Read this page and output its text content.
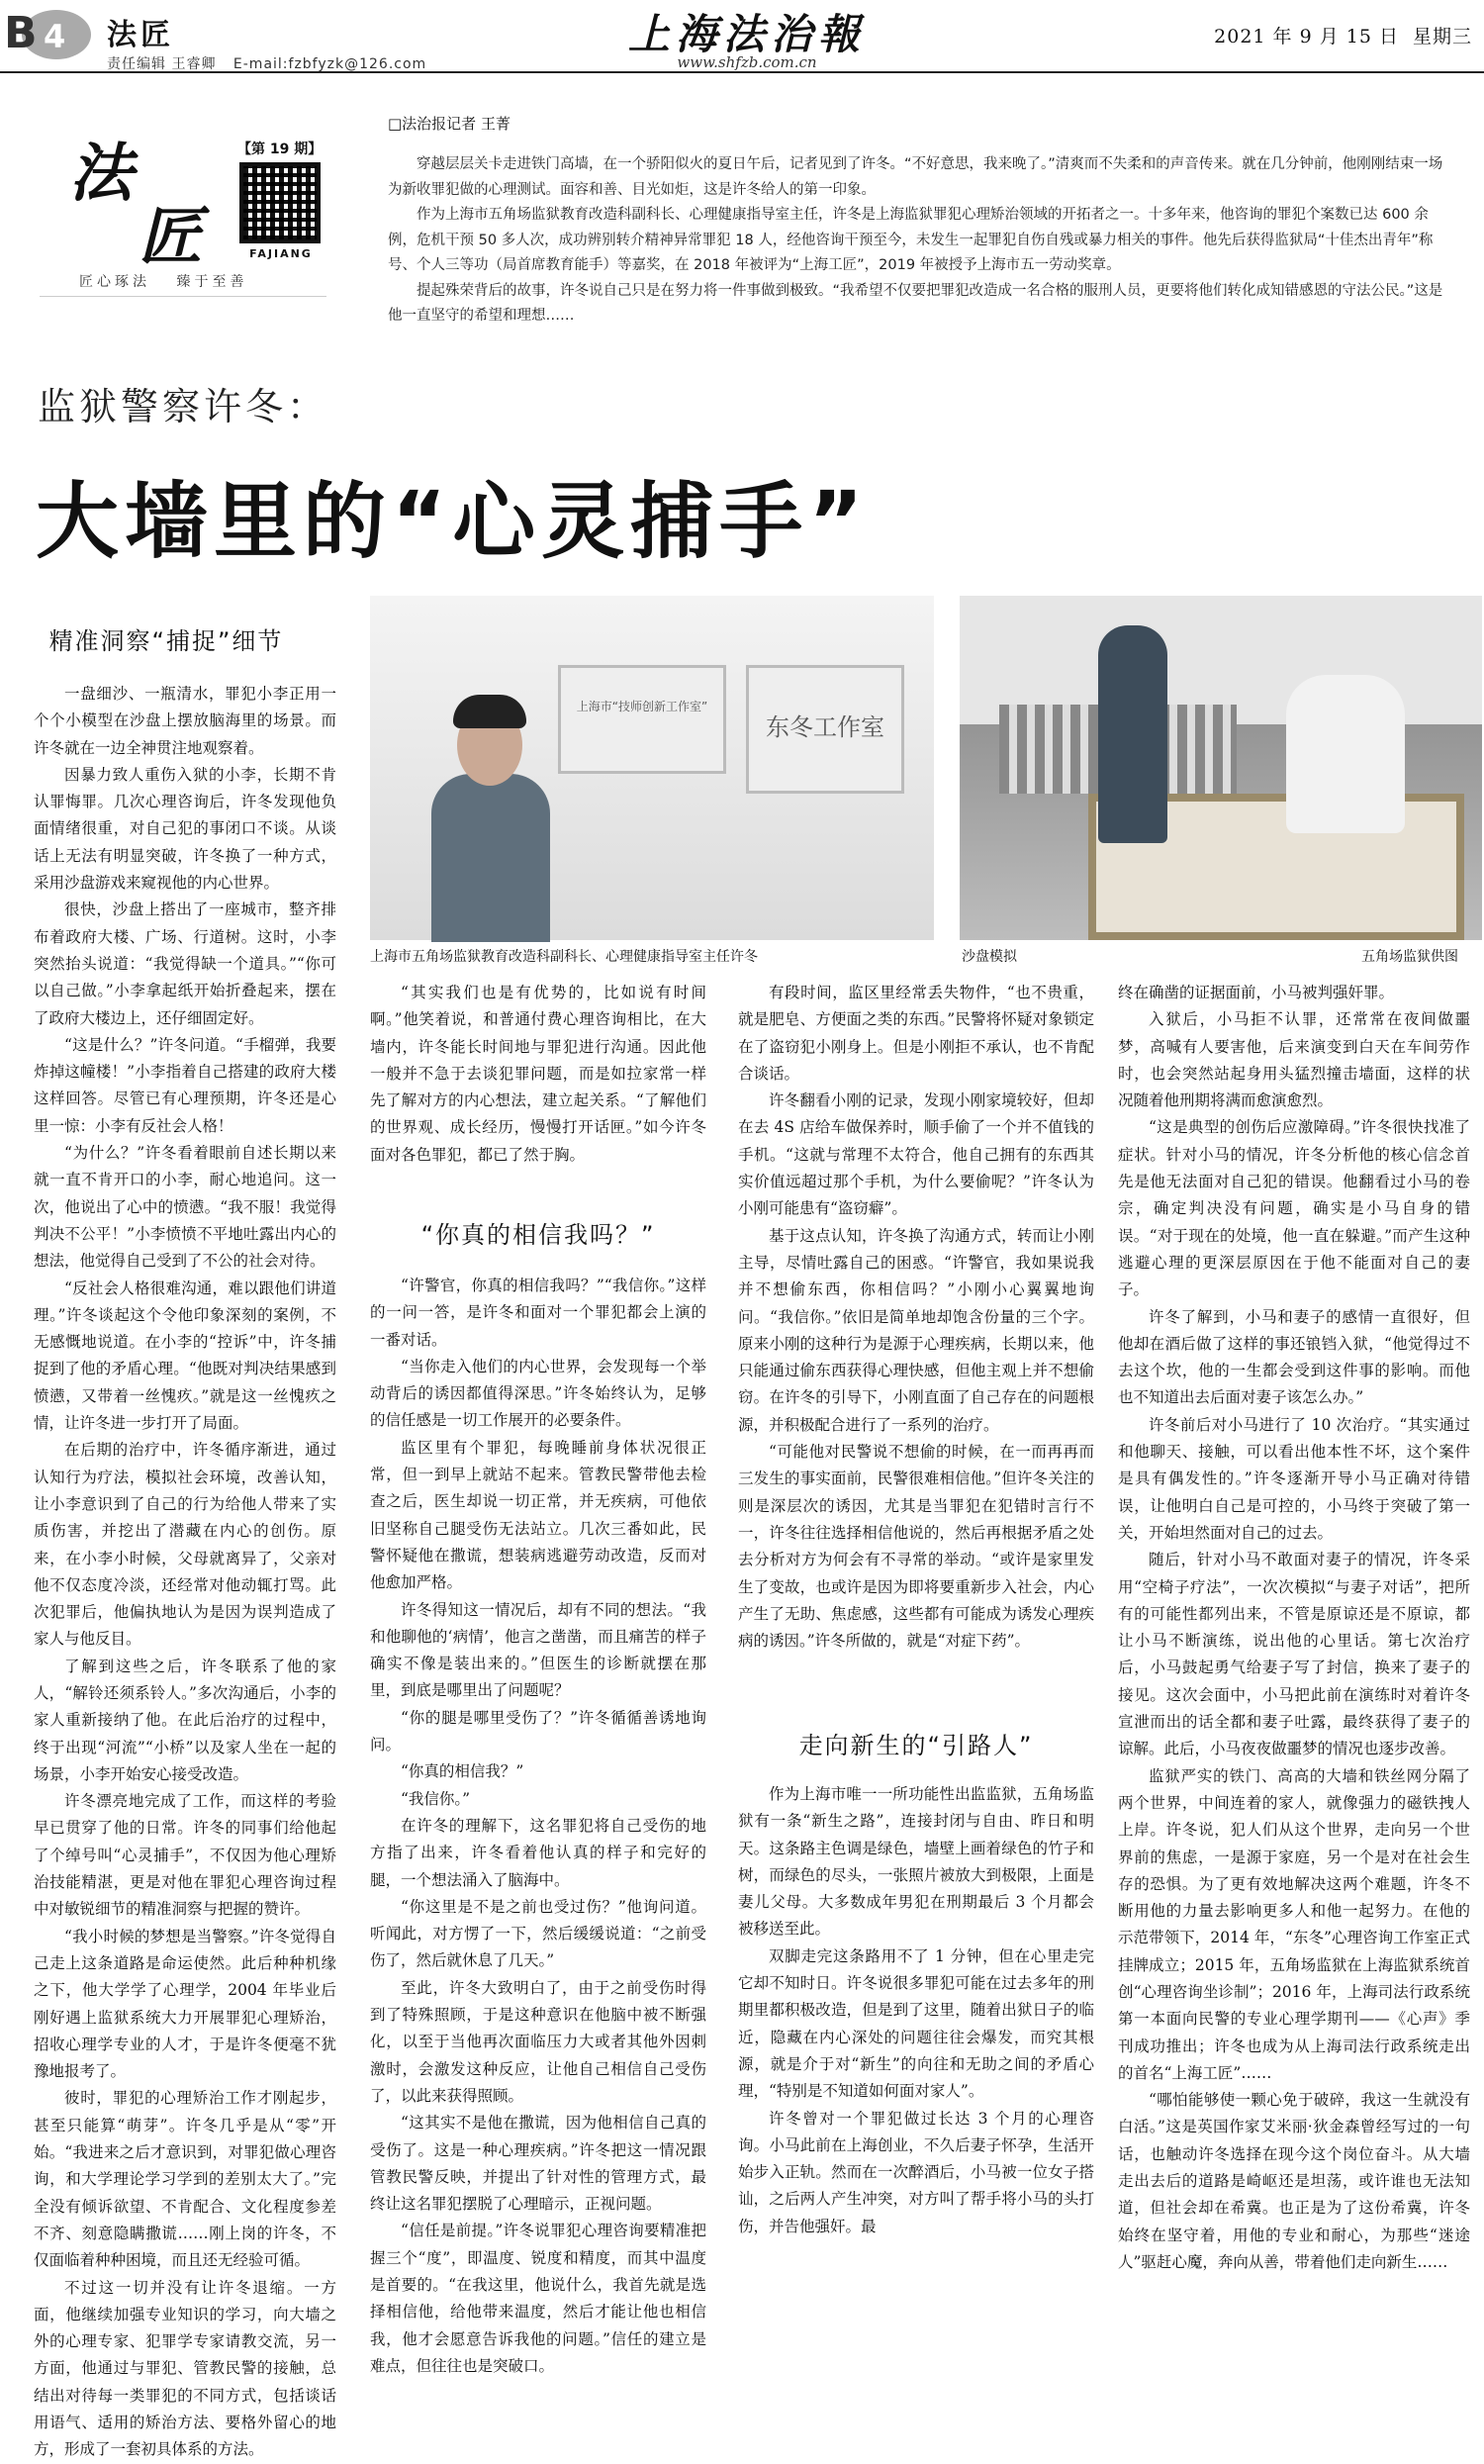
B 4 法匠
责任编辑 王睿卿 E-mail:fzbfyzk@126.com
上海法治報
www.shfzb.com.cn
2021 年 9 月 15 日 星期三
法
匠
【第 19 期】
FAJIANG
匠心琢法 臻于至善
□法治报记者 王菁

穿越层层关卡走进铁门高墙，在一个骄阳似火的夏日午后，记者见到了许冬。“不好意思，我来晚了。”清爽而不失柔和的声音传来。就在几分钟前，他刚刚结束一场为新收罪犯做的心理测试。面容和善、目光如炬，这是许冬给人的第一印象。

作为上海市五角场监狱教育改造科副科长、心理健康指导室主任，许冬是上海监狱罪犯心理矫治领域的开拓者之一。十多年来，他咨询的罪犯个案数已达 600 余例，危机干预 50 多人次，成功辨别转介精神异常罪犯 18 人，经他咨询干预至今，未发生一起罪犯自伤自残或暴力相关的事件。他先后获得监狱局“十佳杰出青年”称号、个人三等功（局首席教育能手）等嘉奖，在 2018 年被评为“上海工匠”，2019 年被授予上海市五一劳动奖章。

提起殊荣背后的故事，许冬说自己只是在努力将一件事做到极致。“我希望不仅要把罪犯改造成一名合格的服刑人员，更要将他们转化成知错感恩的守法公民。”这是他一直坚守的希望和理想……

监狱警察许冬：
大墙里的“心灵捕手”
上海市“技师创新工作室”
东冬工作室
上海市五角场监狱教育改造科副科长、心理健康指导室主任许冬	沙盘模拟	五角场监狱供图
精准洞察“捕捉”细节

一盘细沙、一瓶清水，罪犯小李正用一个个小模型在沙盘上摆放脑海里的场景。而许冬就在一边全神贯注地观察着。

因暴力致人重伤入狱的小李，长期不肯认罪悔罪。几次心理咨询后，许冬发现他负面情绪很重，对自己犯的事闭口不谈。从谈话上无法有明显突破，许冬换了一种方式，采用沙盘游戏来窥视他的内心世界。

很快，沙盘上搭出了一座城市，整齐排布着政府大楼、广场、行道树。这时，小李突然抬头说道：“我觉得缺一个道具。”“你可以自己做。”小李拿起纸开始折叠起来，摆在了政府大楼边上，还仔细固定好。

“这是什么？”许冬问道。“手榴弹，我要炸掉这幢楼！”小李指着自己搭建的政府大楼这样回答。尽管已有心理预期，许冬还是心里一惊：小李有反社会人格！

“为什么？”许冬看着眼前自述长期以来就一直不肯开口的小李，耐心地追问。这一次，他说出了心中的愤懑。“我不服！我觉得判决不公平！”小李愤愤不平地吐露出内心的想法，他觉得自己受到了不公的社会对待。

“反社会人格很难沟通，难以跟他们讲道理。”许冬谈起这个令他印象深刻的案例，不无感慨地说道。在小李的“控诉”中，许冬捕捉到了他的矛盾心理。“他既对判决结果感到愤懑，又带着一丝愧疚。”就是这一丝愧疚之情，让许冬进一步打开了局面。

在后期的治疗中，许冬循序渐进，通过认知行为疗法，模拟社会环境，改善认知，让小李意识到了自己的行为给他人带来了实质伤害，并挖出了潜藏在内心的创伤。原来，在小李小时候，父母就离异了，父亲对他不仅态度冷淡，还经常对他动辄打骂。此次犯罪后，他偏执地认为是因为误判造成了家人与他反目。

了解到这些之后，许冬联系了他的家人，“解铃还须系铃人。”多次沟通后，小李的家人重新接纳了他。在此后治疗的过程中，终于出现“河流”“小桥”以及家人坐在一起的场景，小李开始安心接受改造。

许冬漂亮地完成了工作，而这样的考验早已贯穿了他的日常。许冬的同事们给他起了个绰号叫“心灵捕手”，不仅因为他心理矫治技能精湛，更是对他在罪犯心理咨询过程中对敏锐细节的精准洞察与把握的赞许。

“我小时候的梦想是当警察。”许冬觉得自己走上这条道路是命运使然。此后种种机缘之下，他大学学了心理学，2004 年毕业后刚好遇上监狱系统大力开展罪犯心理矫治，招收心理学专业的人才，于是许冬便毫不犹豫地报考了。

彼时，罪犯的心理矫治工作才刚起步，甚至只能算“萌芽”。许冬几乎是从“零”开始。“我进来之后才意识到，对罪犯做心理咨询，和大学理论学习学到的差别太大了。”完全没有倾诉欲望、不肯配合、文化程度参差不齐、刻意隐瞒撒谎……刚上岗的许冬，不仅面临着种种困境，而且还无经验可循。

不过这一切并没有让许冬退缩。一方面，他继续加强专业知识的学习，向大墙之外的心理专家、犯罪学专家请教交流，另一方面，他通过与罪犯、管教民警的接触，总结出对待每一类罪犯的不同方式，包括谈话用语气、适用的矫治方法、要格外留心的地方，形成了一套初具体系的方法。

“其实我们也是有优势的，比如说有时间啊。”他笑着说，和普通付费心理咨询相比，在大墙内，许冬能长时间地与罪犯进行沟通。因此他一般并不急于去谈犯罪问题，而是如拉家常一样先了解对方的内心想法，建立起关系。“了解他们的世界观、成长经历，慢慢打开话匣。”如今许冬面对各色罪犯，都已了然于胸。

“你真的相信我吗？”

“许警官，你真的相信我吗？”“我信你。”这样的一问一答，是许冬和面对一个罪犯都会上演的一番对话。

“当你走入他们的内心世界，会发现每一个举动背后的诱因都值得深思。”许冬始终认为，足够的信任感是一切工作展开的必要条件。

监区里有个罪犯，每晚睡前身体状况很正常，但一到早上就站不起来。管教民警带他去检查之后，医生却说一切正常，并无疾病，可他依旧坚称自己腿受伤无法站立。几次三番如此，民警怀疑他在撒谎，想装病逃避劳动改造，反而对他愈加严格。

许冬得知这一情况后，却有不同的想法。“我和他聊他的‘病情’，他言之凿凿，而且痛苦的样子确实不像是装出来的。”但医生的诊断就摆在那里，到底是哪里出了问题呢？

“你的腿是哪里受伤了？”许冬循循善诱地询问。

“你真的相信我？”

“我信你。”

在许冬的理解下，这名罪犯将自己受伤的地方指了出来，许冬看着他认真的样子和完好的腿，一个想法涌入了脑海中。

“你这里是不是之前也受过伤？”他询问道。听闻此，对方愣了一下，然后缓缓说道：“之前受伤了，然后就休息了几天。”

至此，许冬大致明白了，由于之前受伤时得到了特殊照顾，于是这种意识在他脑中被不断强化，以至于当他再次面临压力大或者其他外因刺激时，会激发这种反应，让他自己相信自己受伤了，以此来获得照顾。

“这其实不是他在撒谎，因为他相信自己真的受伤了。这是一种心理疾病。”许冬把这一情况跟管教民警反映，并提出了针对性的管理方式，最终让这名罪犯摆脱了心理暗示，正视问题。

“信任是前提。”许冬说罪犯心理咨询要精准把握三个“度”，即温度、锐度和精度，而其中温度是首要的。“在我这里，他说什么，我首先就是选择相信他，给他带来温度，然后才能让他也相信我，他才会愿意告诉我他的问题。”信任的建立是难点，但往往也是突破口。

有段时间，监区里经常丢失物件，“也不贵重，就是肥皂、方便面之类的东西。”民警将怀疑对象锁定在了盗窃犯小刚身上。但是小刚拒不承认，也不肯配合谈话。

许冬翻看小刚的记录，发现小刚家境较好，但却在去 4S 店给车做保养时，顺手偷了一个并不值钱的手机。“这就与常理不太符合，他自己拥有的东西其实价值远超过那个手机，为什么要偷呢？”许冬认为小刚可能患有“盗窃癖”。

基于这点认知，许冬换了沟通方式，转而让小刚主导，尽情吐露自己的困惑。“许警官，我如果说我并不想偷东西，你相信吗？”小刚小心翼翼地询问。“我信你。”依旧是简单地却饱含份量的三个字。原来小刚的这种行为是源于心理疾病，长期以来，他只能通过偷东西获得心理快感，但他主观上并不想偷窃。在许冬的引导下，小刚直面了自己存在的问题根源，并积极配合进行了一系列的治疗。

“可能他对民警说不想偷的时候，在一而再再而三发生的事实面前，民警很难相信他。”但许冬关注的则是深层次的诱因，尤其是当罪犯在犯错时言行不一，许冬往往选择相信他说的，然后再根据矛盾之处去分析对方为何会有不寻常的举动。“或许是家里发生了变故，也或许是因为即将要重新步入社会，内心产生了无助、焦虑感，这些都有可能成为诱发心理疾病的诱因。”许冬所做的，就是“对症下药”。

走向新生的“引路人”

作为上海市唯一一所功能性出监监狱，五角场监狱有一条“新生之路”，连接封闭与自由、昨日和明天。这条路主色调是绿色，墙壁上画着绿色的竹子和树，而绿色的尽头，一张照片被放大到极限，上面是妻儿父母。大多数成年男犯在刑期最后 3 个月都会被移送至此。

双脚走完这条路用不了 1 分钟，但在心里走完它却不知时日。许冬说很多罪犯可能在过去多年的刑期里都积极改造，但是到了这里，随着出狱日子的临近，隐藏在内心深处的问题往往会爆发，而究其根源，就是介于对“新生”的向往和无助之间的矛盾心理，“特别是不知道如何面对家人”。

许冬曾对一个罪犯做过长达 3 个月的心理咨询。小马此前在上海创业，不久后妻子怀孕，生活开始步入正轨。然而在一次醉酒后，小马被一位女子搭讪，之后两人产生冲突，对方叫了帮手将小马的头打伤，并告他强奸。最

终在确凿的证据面前，小马被判强奸罪。

入狱后，小马拒不认罪，还常常在夜间做噩梦，高喊有人要害他，后来演变到白天在车间劳作时，也会突然站起身用头猛烈撞击墙面，这样的状况随着他刑期将满而愈演愈烈。

“这是典型的创伤后应激障碍。”许冬很快找准了症状。针对小马的情况，许冬分析他的核心信念首先是他无法面对自己犯的错误。他翻看过小马的卷宗，确定判决没有问题，确实是小马自身的错误。“对于现在的处境，他一直在躲避。”而产生这种逃避心理的更深层原因在于他不能面对自己的妻子。

许冬了解到，小马和妻子的感情一直很好，但他却在酒后做了这样的事还锒铛入狱，“他觉得过不去这个坎，他的一生都会受到这件事的影响。而他也不知道出去后面对妻子该怎么办。”

许冬前后对小马进行了 10 次治疗。“其实通过和他聊天、接触，可以看出他本性不坏，这个案件是具有偶发性的。”许冬逐渐开导小马正确对待错误，让他明白自己是可控的，小马终于突破了第一关，开始坦然面对自己的过去。

随后，针对小马不敢面对妻子的情况，许冬采用“空椅子疗法”，一次次模拟“与妻子对话”，把所有的可能性都列出来，不管是原谅还是不原谅，都让小马不断演练，说出他的心里话。第七次治疗后，小马鼓起勇气给妻子写了封信，换来了妻子的接见。这次会面中，小马把此前在演练时对着许冬宣泄而出的话全都和妻子吐露，最终获得了妻子的谅解。此后，小马夜夜做噩梦的情况也逐步改善。

监狱严实的铁门、高高的大墙和铁丝网分隔了两个世界，中间连着的家人，就像强力的磁铁拽人上岸。许冬说，犯人们从这个世界，走向另一个世界前的焦虑，一是源于家庭，另一个是对在社会生存的恐惧。为了更有效地解决这两个难题，许冬不断用他的力量去影响更多人和他一起努力。在他的示范带领下，2014 年，“东冬”心理咨询工作室正式挂牌成立；2015 年，五角场监狱在上海监狱系统首创“心理咨询坐诊制”；2016 年，上海司法行政系统第一本面向民警的专业心理学期刊——《心声》季刊成功推出；许冬也成为从上海司法行政系统走出的首名“上海工匠”……

“哪怕能够使一颗心免于破碎，我这一生就没有白活。”这是英国作家艾米丽·狄金森曾经写过的一句话，也触动许冬选择在现今这个岗位奋斗。从大墙走出去后的道路是崎岖还是坦荡，或许谁也无法知道，但社会却在希冀。也正是为了这份希冀，许冬始终在坚守着，用他的专业和耐心，为那些“迷途人”驱赶心魔，奔向从善，带着他们走向新生……
